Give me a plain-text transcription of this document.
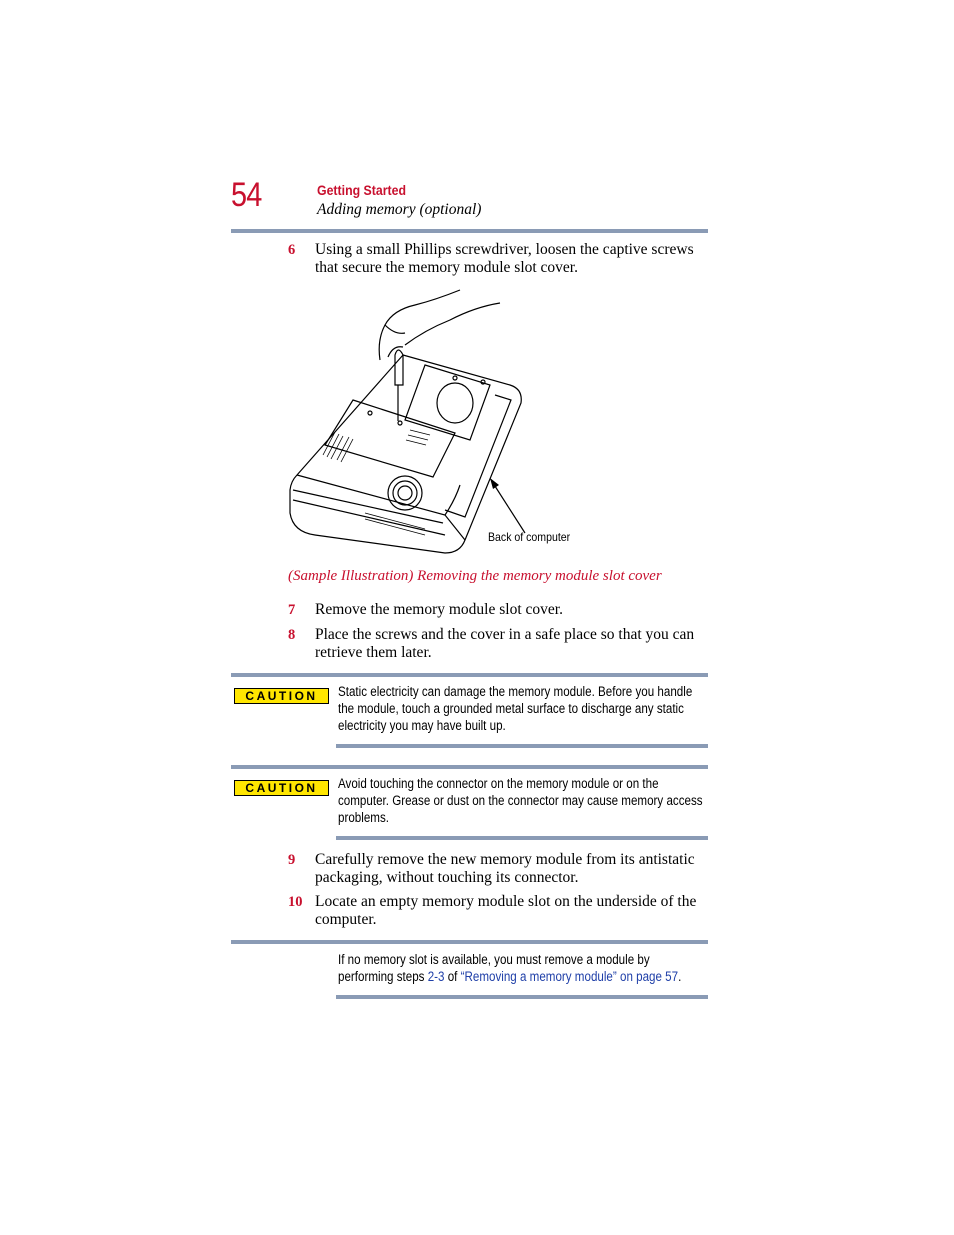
54	Getting Started
Adding memory (optional)
6 Using a small Phillips screwdriver, loosen the captive screws that secure the memory module slot cover.
Back of computer
(Sample Illustration) Removing the memory module slot cover
7 Remove the memory module slot cover.
8 Place the screws and the cover in a safe place so that you can retrieve them later.
CAUTION	Static electricity can damage the memory module. Before you handle the module, touch a grounded metal surface to discharge any static electricity you may have built up.
CAUTION	Avoid touching the connector on the memory module or on the computer. Grease or dust on the connector may cause memory access problems.
9 Carefully remove the new memory module from its antistatic packaging, without touching its connector.
10 Locate an empty memory module slot on the underside of the computer.
If no memory slot is available, you must remove a module by performing steps 2-3 of “Removing a memory module” on page 57.
